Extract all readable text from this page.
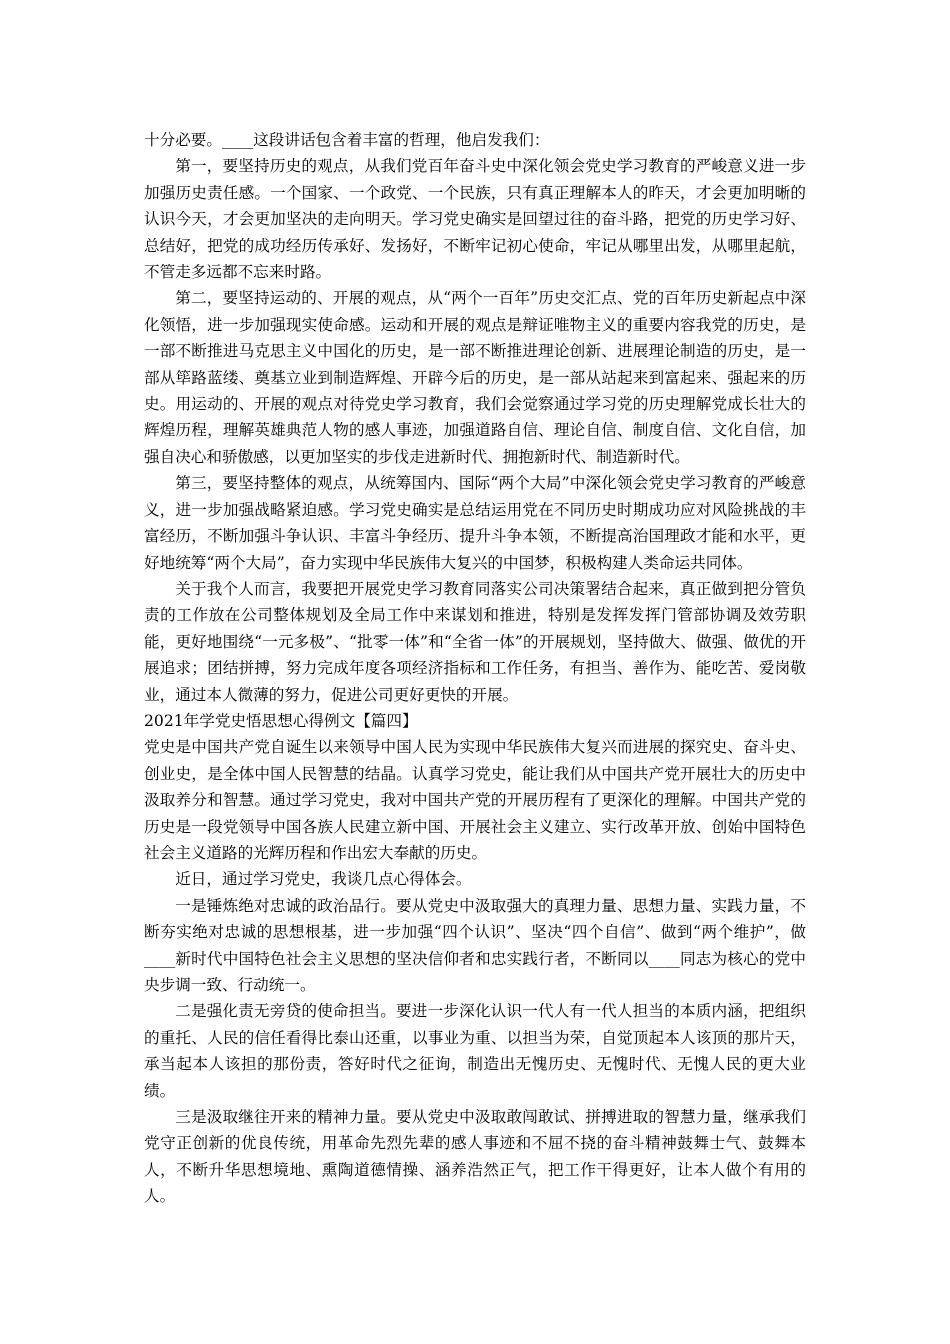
十分必要。____这段讲话包含着丰富的哲理，他启发我们：

第一，要坚持历史的观点，从我们党百年奋斗史中深化领会党史学习教育的严峻意义进一步加强历史责任感。一个国家、一个政党、一个民族，只有真正理解本人的昨天，才会更加明晰的认识今天，才会更加坚决的走向明天。学习党史确实是回望过往的奋斗路，把党的历史学习好、总结好，把党的成功经历传承好、发扬好，不断牢记初心使命，牢记从哪里出发，从哪里起航，不管走多远都不忘来时路。

第二，要坚持运动的、开展的观点，从“两个一百年”历史交汇点、党的百年历史新起点中深化领悟，进一步加强现实使命感。运动和开展的观点是辩证唯物主义的重要内容我党的历史，是一部不断推进马克思主义中国化的历史，是一部不断推进理论创新、进展理论制造的历史，是一部从筚路蓝缕、奠基立业到制造辉煌、开辟今后的历史，是一部从站起来到富起来、强起来的历史。用运动的、开展的观点对待党史学习教育，我们会觉察通过学习党的历史理解党成长壮大的辉煌历程，理解英雄典范人物的感人事迹，加强道路自信、理论自信、制度自信、文化自信，加强自决心和骄傲感，以更加坚实的步伐走进新时代、拥抱新时代、制造新时代。

第三，要坚持整体的观点，从统筹国内、国际“两个大局”中深化领会党史学习教育的严峻意义，进一步加强战略紧迫感。学习党史确实是总结运用党在不同历史时期成功应对风险挑战的丰富经历，不断加强斗争认识、丰富斗争经历、提升斗争本领，不断提高治国理政才能和水平，更好地统筹“两个大局”，奋力实现中华民族伟大复兴的中国梦，积极构建人类命运共同体。

关于我个人而言，我要把开展党史学习教育同落实公司决策署结合起来，真正做到把分管负责的工作放在公司整体规划及全局工作中来谋划和推进，特别是发挥发挥门管部协调及效劳职能，更好地围绕“一元多极”、“批零一体”和“全省一体”的开展规划，坚持做大、做强、做优的开展追求；团结拼搏，努力完成年度各项经济指标和工作任务，有担当、善作为、能吃苦、爱岗敬业，通过本人微薄的努力，促进公司更好更快的开展。

2021年学党史悟思想心得例文【篇四】

党史是中国共产党自诞生以来领导中国人民为实现中华民族伟大复兴而进展的探究史、奋斗史、创业史，是全体中国人民智慧的结晶。认真学习党史，能让我们从中国共产党开展壮大的历史中汲取养分和智慧。通过学习党史，我对中国共产党的开展历程有了更深化的理解。中国共产党的历史是一段党领导中国各族人民建立新中国、开展社会主义建立、实行改革开放、创始中国特色社会主义道路的光辉历程和作出宏大奉献的历史。

近日，通过学习党史，我谈几点心得体会。

一是锤炼绝对忠诚的政治品行。要从党史中汲取强大的真理力量、思想力量、实践力量，不断夯实绝对忠诚的思想根基，进一步加强“四个认识”、坚决“四个自信”、做到“两个维护”，做____新时代中国特色社会主义思想的坚决信仰者和忠实践行者，不断同以____同志为核心的党中央步调一致、行动统一。

二是强化责无旁贷的使命担当。要进一步深化认识一代人有一代人担当的本质内涵，把组织的重托、人民的信任看得比泰山还重，以事业为重、以担当为荣，自觉顶起本人该顶的那片天，承当起本人该担的那份责，答好时代之征询，制造出无愧历史、无愧时代、无愧人民的更大业绩。

三是汲取继往开来的精神力量。要从党史中汲取敢闯敢试、拼搏进取的智慧力量，继承我们党守正创新的优良传统，用革命先烈先辈的感人事迹和不屈不挠的奋斗精神鼓舞士气、鼓舞本人，不断升华思想境地、熏陶道德情操、涵养浩然正气，把工作干得更好，让本人做个有用的人。
